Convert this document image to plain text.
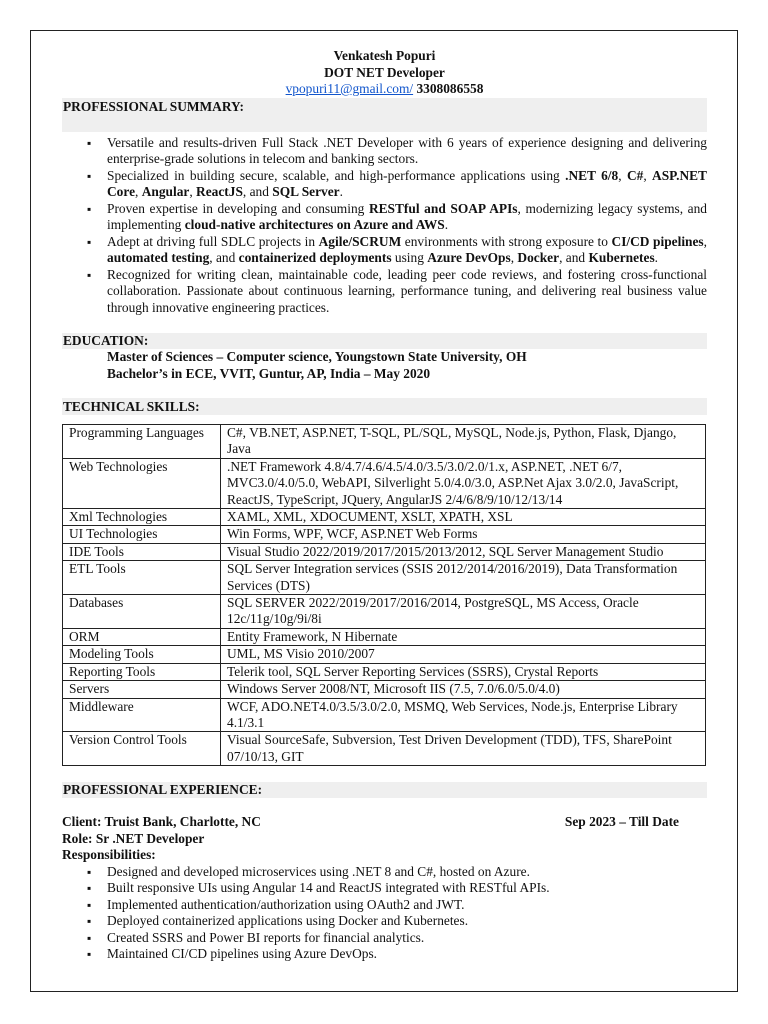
Venkatesh Popuri
DOT NET Developer
vpopuri11@gmail.com/ 3308086558
PROFESSIONAL SUMMARY:
▪ Versatile and results-driven Full Stack .NET Developer with 6 years of experience designing and delivering enterprise-grade solutions in telecom and banking sectors.
▪ Specialized in building secure, scalable, and high-performance applications using .NET 6/8, C#, ASP.NET Core, Angular, ReactJS, and SQL Server.
▪ Proven expertise in developing and consuming RESTful and SOAP APIs, modernizing legacy systems, and implementing cloud-native architectures on Azure and AWS.
▪ Adept at driving full SDLC projects in Agile/SCRUM environments with strong exposure to CI/CD pipelines, automated testing, and containerized deployments using Azure DevOps, Docker, and Kubernetes.
▪ Recognized for writing clean, maintainable code, leading peer code reviews, and fostering cross-functional collaboration. Passionate about continuous learning, performance tuning, and delivering real business value through innovative engineering practices.
EDUCATION:
Master of Sciences – Computer science, Youngstown State University, OH
Bachelor’s in ECE, VVIT, Guntur, AP, India – May 2020
TECHNICAL SKILLS:
Programming Languages	C#, VB.NET, ASP.NET, T-SQL, PL/SQL, MySQL, Node.js, Python, Flask, Django, Java
Web Technologies	.NET Framework 4.8/4.7/4.6/4.5/4.0/3.5/3.0/2.0/1.x, ASP.NET, .NET 6/7, MVC3.0/4.0/5.0, WebAPI, Silverlight 5.0/4.0/3.0, ASP.Net Ajax 3.0/2.0, JavaScript, ReactJS, TypeScript, JQuery, AngularJS 2/4/6/8/9/10/12/13/14
Xml Technologies	XAML, XML, XDOCUMENT, XSLT, XPATH, XSL
UI Technologies	Win Forms, WPF, WCF, ASP.NET Web Forms
IDE Tools	Visual Studio 2022/2019/2017/2015/2013/2012, SQL Server Management Studio
ETL Tools	SQL Server Integration services (SSIS 2012/2014/2016/2019), Data Transformation Services (DTS)
Databases	SQL SERVER 2022/2019/2017/2016/2014, PostgreSQL, MS Access, Oracle 12c/11g/10g/9i/8i
ORM	Entity Framework, N Hibernate
Modeling Tools	UML, MS Visio 2010/2007
Reporting Tools	Telerik tool, SQL Server Reporting Services (SSRS), Crystal Reports
Servers	Windows Server 2008/NT, Microsoft IIS (7.5, 7.0/6.0/5.0/4.0)
Middleware	WCF, ADO.NET4.0/3.5/3.0/2.0, MSMQ, Web Services, Node.js, Enterprise Library 4.1/3.1
Version Control Tools	Visual SourceSafe, Subversion, Test Driven Development (TDD), TFS, SharePoint 07/10/13, GIT
PROFESSIONAL EXPERIENCE:
Client: Truist Bank, Charlotte, NC	Sep 2023 – Till Date
Role: Sr .NET Developer
Responsibilities:
▪ Designed and developed microservices using .NET 8 and C#, hosted on Azure.
▪ Built responsive UIs using Angular 14 and ReactJS integrated with RESTful APIs.
▪ Implemented authentication/authorization using OAuth2 and JWT.
▪ Deployed containerized applications using Docker and Kubernetes.
▪ Created SSRS and Power BI reports for financial analytics.
▪ Maintained CI/CD pipelines using Azure DevOps.
